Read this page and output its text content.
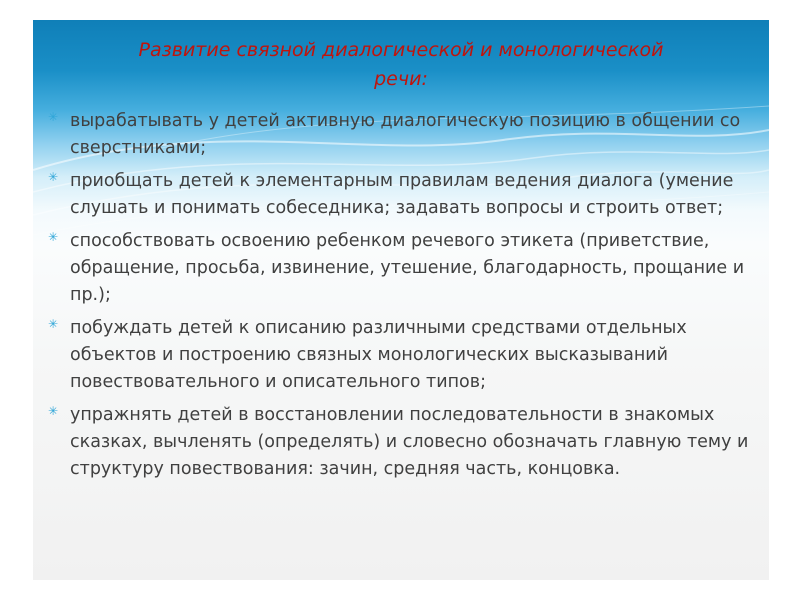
Развитие связной диалогической и монологической
речи:
✳ вырабатывать у детей активную диалогическую позицию в общении со сверстниками;
✳ приобщать детей к элементарным правилам ведения диалога (умение слушать и понимать собеседника; задавать вопросы и строить ответ;
✳ способствовать освоению ребенком речевого этикета (приветствие, обращение, просьба, извинение, утешение, благодарность, прощание и пр.);
✳ побуждать детей к описанию различными средствами отдельных объектов и построению связных монологических высказываний повествовательного и описательного типов;
✳ упражнять детей в восстановлении последовательности в знакомых сказках, вычленять (определять) и словесно обозначать главную тему и структуру повествования: зачин, средняя часть, концовка.
